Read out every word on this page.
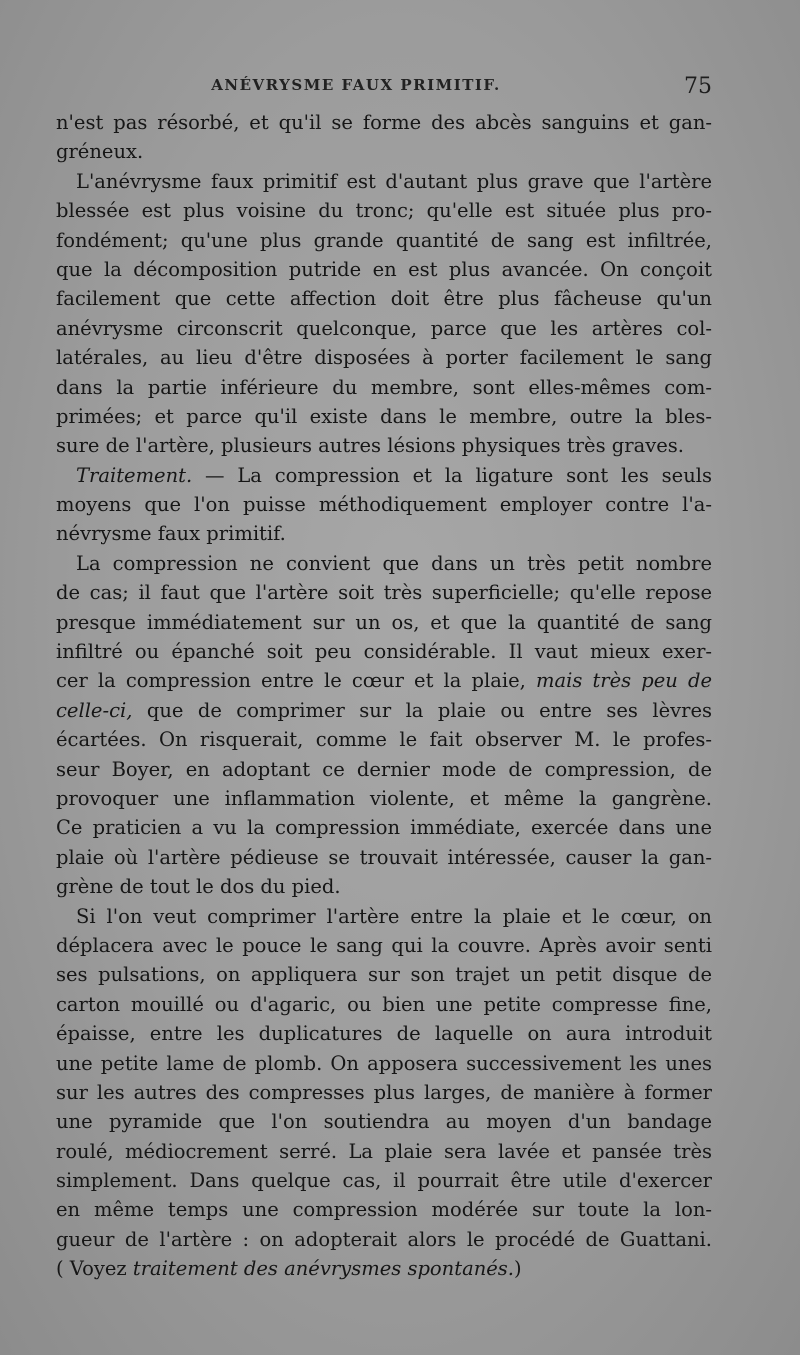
ANÉVRYSME FAUX PRIMITIF.	75
n'est pas résorbé, et qu'il se forme des abcès sanguins et gan-
gréneux.
L'anévrysme faux primitif est d'autant plus grave que l'artère
blessée est plus voisine du tronc; qu'elle est située plus pro-
fondément; qu'une plus grande quantité de sang est infiltrée,
que la décomposition putride en est plus avancée. On conçoit
facilement que cette affection doit être plus fâcheuse qu'un
anévrysme circonscrit quelconque, parce que les artères col-
latérales, au lieu d'être disposées à porter facilement le sang
dans la partie inférieure du membre, sont elles-mêmes com-
primées; et parce qu'il existe dans le membre, outre la bles-
sure de l'artère, plusieurs autres lésions physiques très graves.
Traitement. — La compression et la ligature sont les seuls
moyens que l'on puisse méthodiquement employer contre l'a-
névrysme faux primitif.
La compression ne convient que dans un très petit nombre
de cas; il faut que l'artère soit très superficielle; qu'elle repose
presque immédiatement sur un os, et que la quantité de sang
infiltré ou épanché soit peu considérable. Il vaut mieux exer-
cer la compression entre le cœur et la plaie, mais très peu de
celle-ci, que de comprimer sur la plaie ou entre ses lèvres
écartées. On risquerait, comme le fait observer M. le profes-
seur Boyer, en adoptant ce dernier mode de compression, de
provoquer une inflammation violente, et même la gangrène.
Ce praticien a vu la compression immédiate, exercée dans une
plaie où l'artère pédieuse se trouvait intéressée, causer la gan-
grène de tout le dos du pied.
Si l'on veut comprimer l'artère entre la plaie et le cœur, on
déplacera avec le pouce le sang qui la couvre. Après avoir senti
ses pulsations, on appliquera sur son trajet un petit disque de
carton mouillé ou d'agaric, ou bien une petite compresse fine,
épaisse, entre les duplicatures de laquelle on aura introduit
une petite lame de plomb. On apposera successivement les unes
sur les autres des compresses plus larges, de manière à former
une pyramide que l'on soutiendra au moyen d'un bandage
roulé, médiocrement serré. La plaie sera lavée et pansée très
simplement. Dans quelque cas, il pourrait être utile d'exercer
en même temps une compression modérée sur toute la lon-
gueur de l'artère : on adopterait alors le procédé de Guattani.
( Voyez traitement des anévrysmes spontanés.)
